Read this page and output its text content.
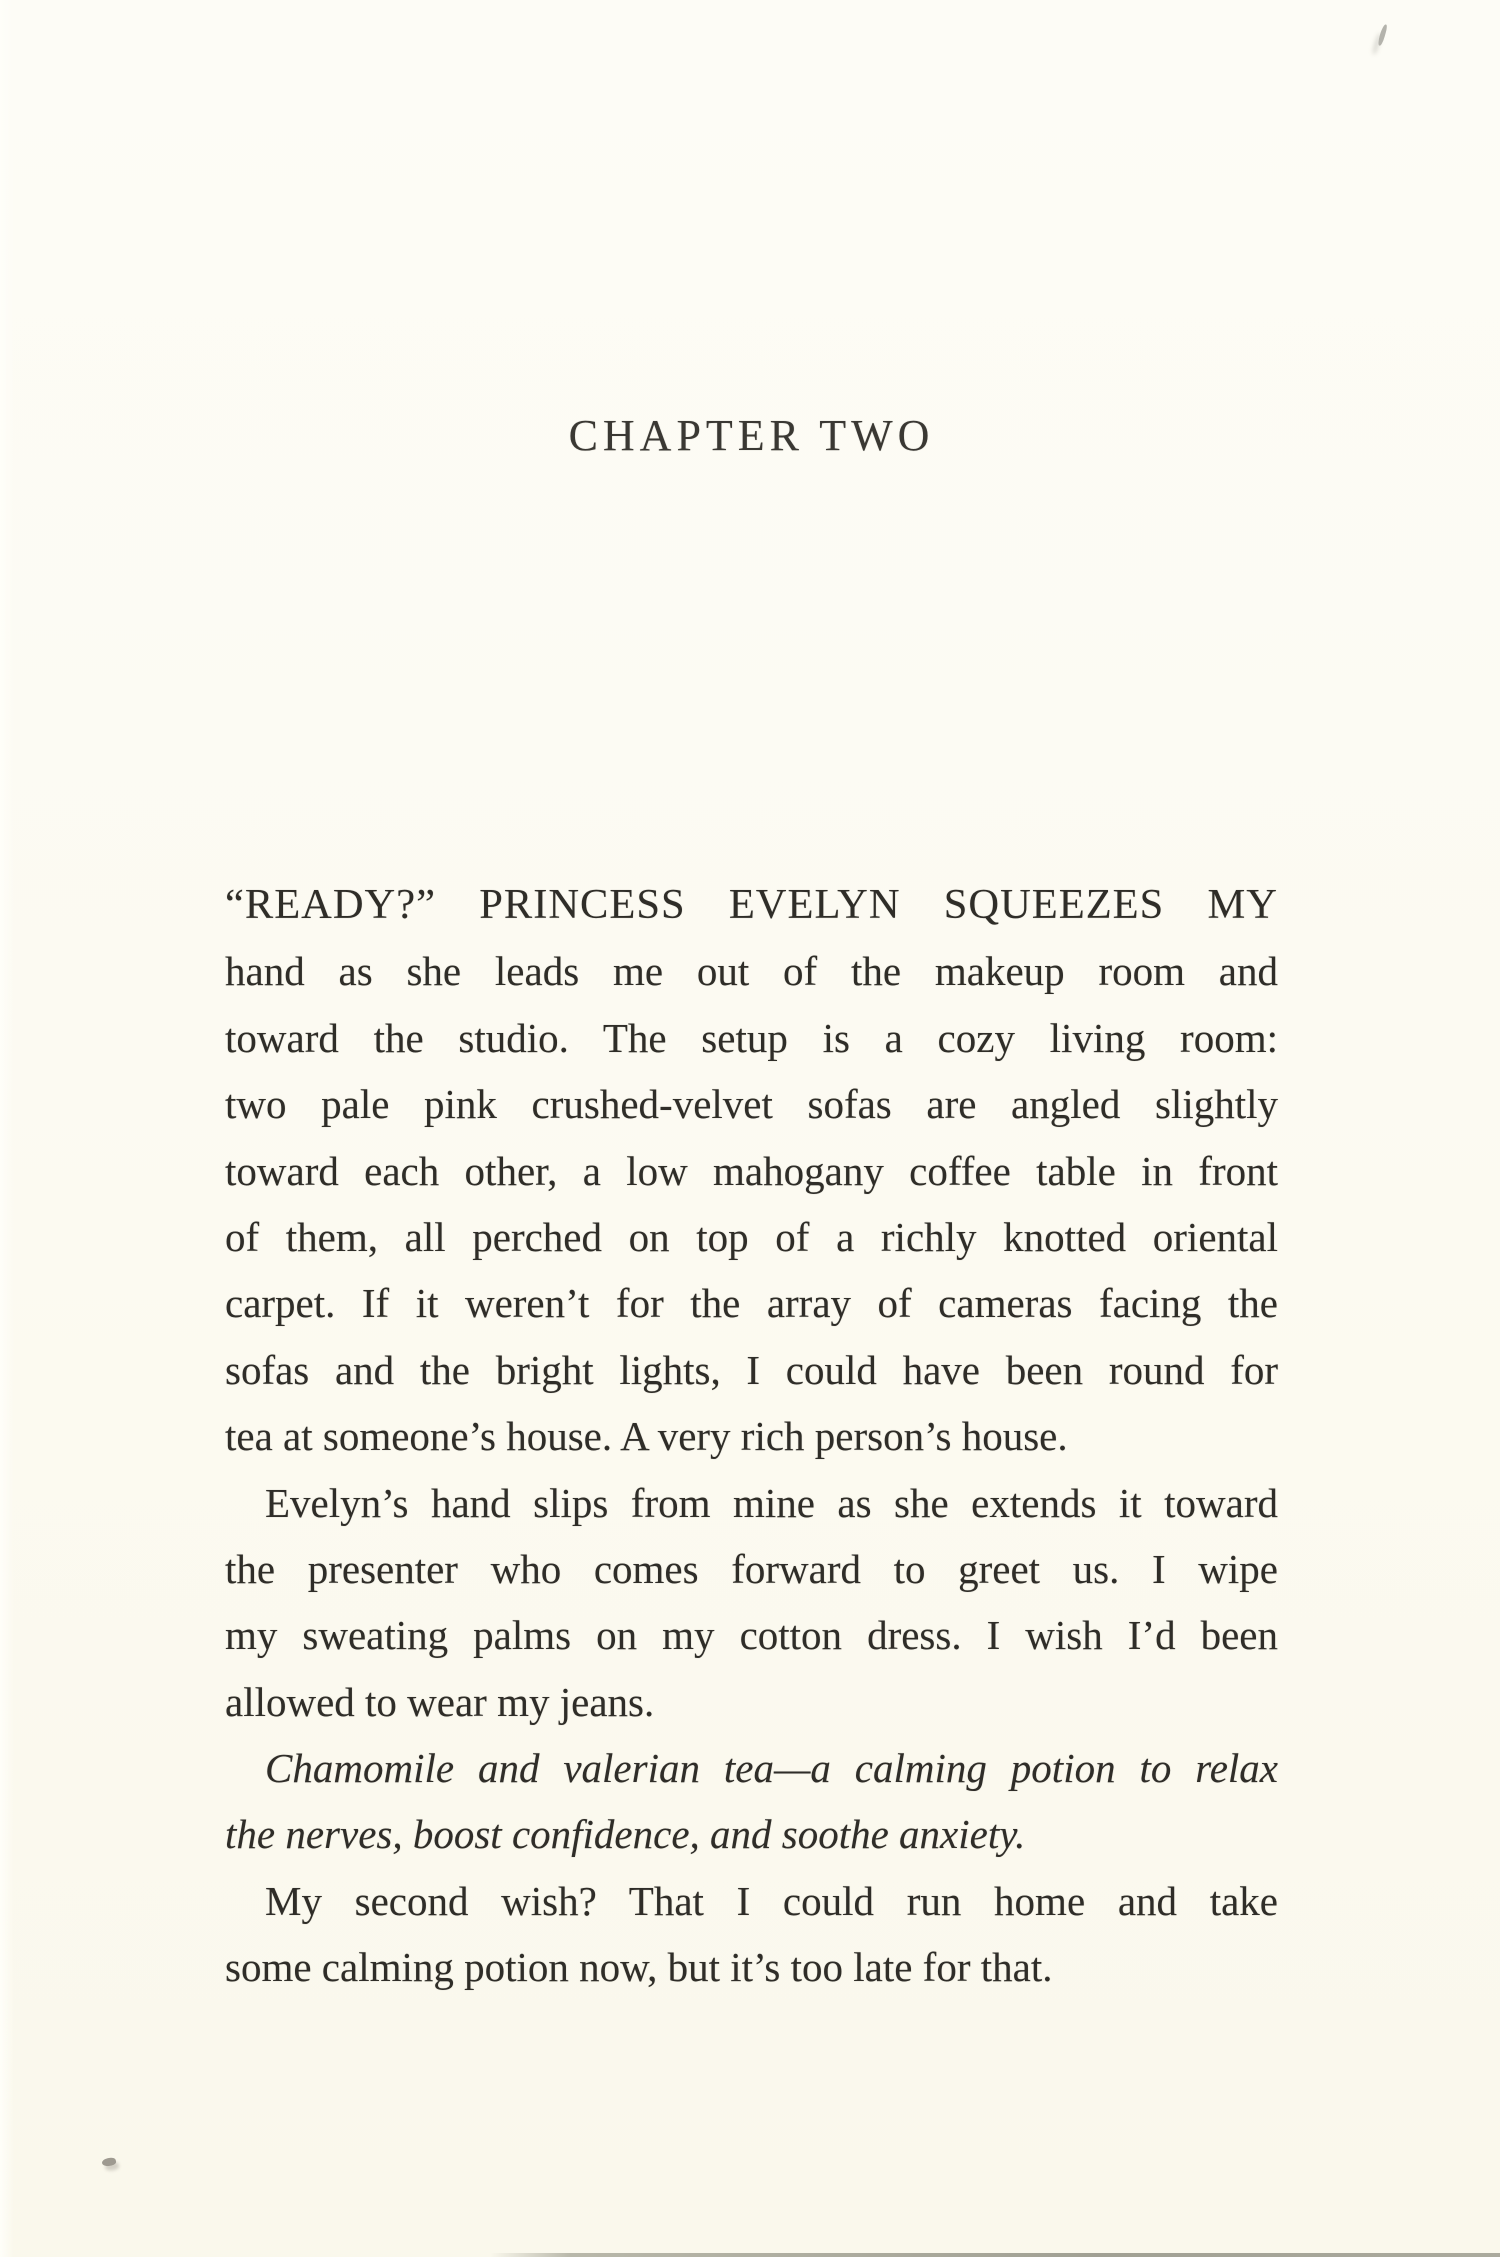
CHAPTER TWO
“READY?” PRINCESS EVELYN SQUEEZES MY
hand as she leads me out of the makeup room and
toward the studio. The setup is a cozy living room:
two pale pink crushed-velvet sofas are angled slightly
toward each other, a low mahogany coffee table in front
of them, all perched on top of a richly knotted oriental
carpet. If it weren’t for the array of cameras facing the
sofas and the bright lights, I could have been round for
tea at someone’s house. A very rich person’s house.
Evelyn’s hand slips from mine as she extends it toward
the presenter who comes forward to greet us. I wipe
my sweating palms on my cotton dress. I wish I’d been
allowed to wear my jeans.
Chamomile and valerian tea—a calming potion to relax
the nerves, boost confidence, and soothe anxiety.
My second wish? That I could run home and take
some calming potion now, but it’s too late for that.
